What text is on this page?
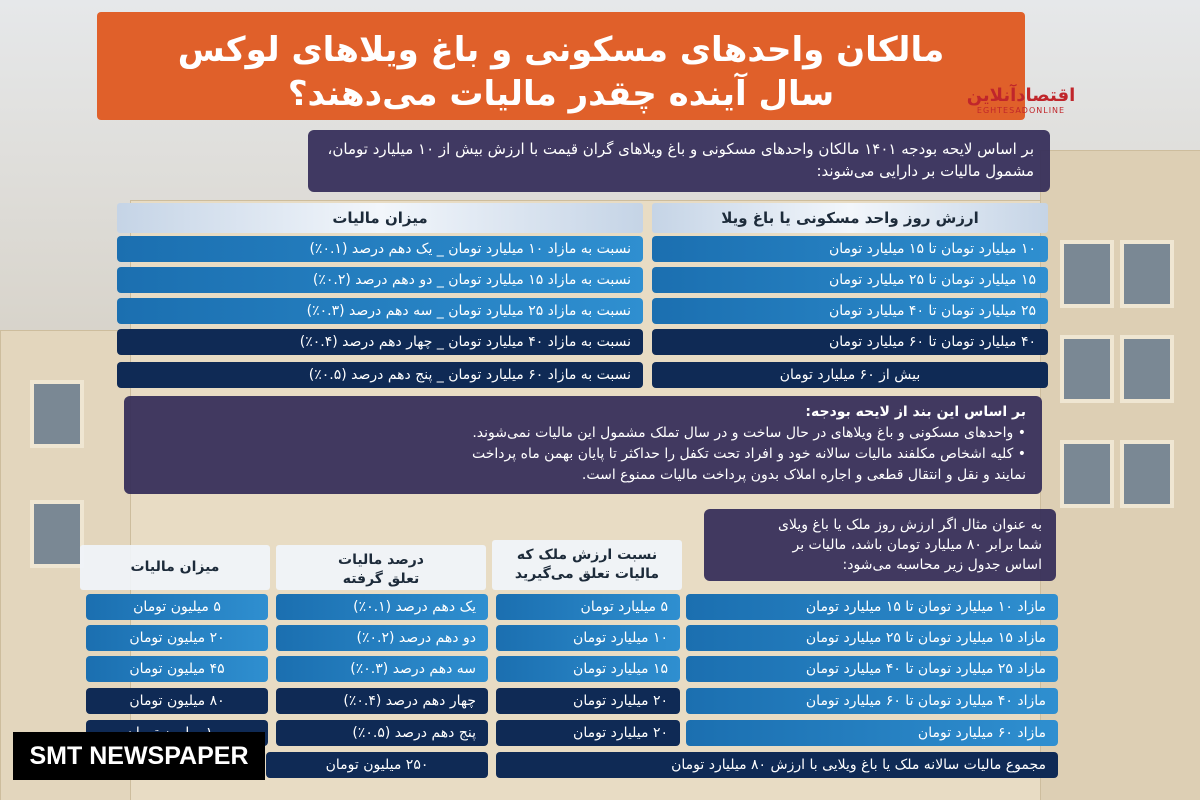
مالکان واحدهای مسکونی و باغ ویلاهای لوکس
سال آینده چقدر مالیات می‌دهند؟	اقتصادآنلاین
EGHTESADONLINE
بر اساس لایحه بودجه ۱۴۰۱ مالکان واحدهای مسکونی و باغ ویلاهای گران قیمت با ارزش بیش از ۱۰ میلیارد تومان، مشمول مالیات بر دارایی می‌شوند:
ارزش روز واحد مسکونی یا باغ ویلا
میزان مالیات
۱۰ میلیارد تومان تا ۱۵ میلیارد تومان
۱۵ میلیارد تومان تا ۲۵ میلیارد تومان
۲۵ میلیارد تومان تا ۴۰ میلیارد تومان
۴۰ میلیارد تومان تا ۶۰ میلیارد تومان
بیش از ۶۰ میلیارد تومان
نسبت به مازاد ۱۰ میلیارد تومان _ یک دهم درصد (۰.۱٪)
نسبت به مازاد ۱۵ میلیارد تومان _ دو دهم درصد (۰.۲٪)
نسبت به مازاد ۲۵ میلیارد تومان _ سه دهم درصد (۰.۳٪)
نسبت به مازاد ۴۰ میلیارد تومان _ چهار دهم درصد (۰.۴٪)
نسبت به مازاد ۶۰ میلیارد تومان _ پنج دهم درصد (۰.۵٪)
بر اساس این بند از لایحه بودجه:
• واحدهای مسکونی و باغ ویلاهای در حال ساخت و در سال تملک مشمول این مالیات نمی‌شوند.
• کلیه اشخاص مکلفند مالیات سالانه خود و افراد تحت تکفل را حداکثر تا پایان بهمن ماه پرداخت
نمایند و نقل و انتقال قطعی و اجاره املاک بدون پرداخت مالیات ممنوع است.
به عنوان مثال اگر ارزش روز ملک یا باغ ویلای
شما برابر ۸۰ میلیارد تومان باشد، مالیات بر
اساس جدول زیر محاسبه می‌شود:
نسبت ارزش ملک که
مالیات تعلق می‌گیرید
درصد مالیات
تعلق گرفته
میزان مالیات
مازاد ۱۰ میلیارد تومان تا ۱۵ میلیارد تومان
مازاد ۱۵ میلیارد تومان تا ۲۵ میلیارد تومان
مازاد ۲۵ میلیارد تومان تا ۴۰ میلیارد تومان
مازاد ۴۰ میلیارد تومان تا ۶۰ میلیارد تومان
مازاد ۶۰ میلیارد تومان
۵ میلیارد تومان
۱۰ میلیارد تومان
۱۵ میلیارد تومان
۲۰ میلیارد تومان
۲۰ میلیارد تومان
یک دهم درصد (۰.۱٪)
دو دهم درصد (۰.۲٪)
سه دهم درصد (۰.۳٪)
چهار دهم درصد (۰.۴٪)
پنج دهم درصد (۰.۵٪)
۵ میلیون تومان
۲۰ میلیون تومان
۴۵ میلیون تومان
۸۰ میلیون تومان
مجموع مالیات سالانه ملک یا باغ ویلایی با ارزش ۸۰ میلیارد تومان
۲۵۰ میلیون تومان
SMT NEWSPAPER
